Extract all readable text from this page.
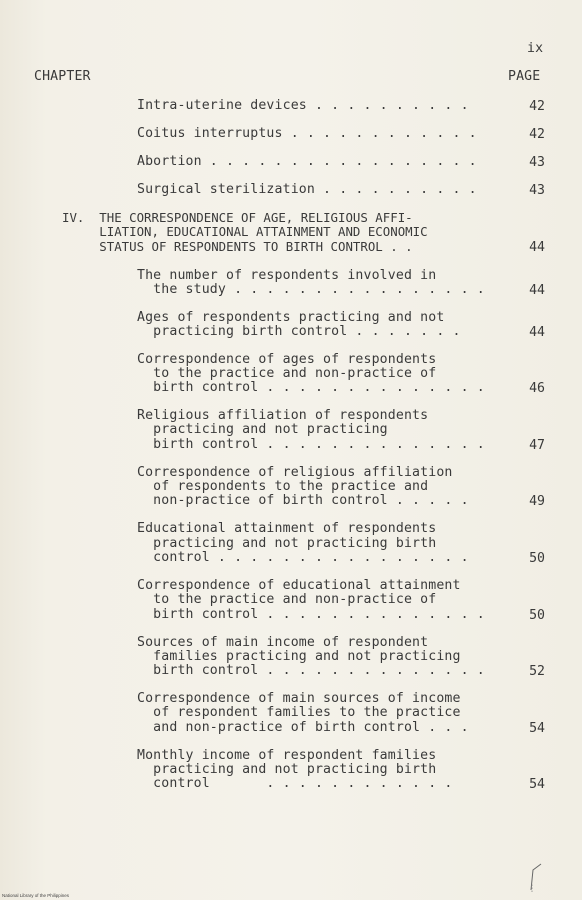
ix
CHAPTER	PAGE
Intra-uterine devices . . . . . . . . . .	42
Coitus interruptus . . . . . . . . . . . .	42
Abortion . . . . . . . . . . . . . . . . .	43
Surgical sterilization . . . . . . . . . .	43
IV.  THE CORRESPONDENCE OF AGE, RELIGIOUS AFFI-
LIATION, EDUCATIONAL ATTAINMENT AND ECONOMIC
STATUS OF RESPONDENTS TO BIRTH CONTROL . .	44
The number of respondents involved in
the study . . . . . . . . . . . . . . . .	44
Ages of respondents practicing and not
practicing birth control . . . . . . .	44
Correspondence of ages of respondents
to the practice and non-practice of
birth control . . . . . . . . . . . . . .	46
Religious affiliation of respondents
practicing and not practicing
birth control . . . . . . . . . . . . . .	47
Correspondence of religious affiliation
of respondents to the practice and
non-practice of birth control . . . . .	49
Educational attainment of respondents
practicing and not practicing birth
control . . . . . . . . . . . . . . . .	50
Correspondence of educational attainment
to the practice and non-practice of
birth control . . . . . . . . . . . . . .	50
Sources of main income of respondent
families practicing and not practicing
birth control . . . . . . . . . . . . . .	52
Correspondence of main sources of income
of respondent families to the practice
and non-practice of birth control . . .	54
Monthly income of respondent families
practicing and not practicing birth
control       . . . . . . . . . . . .	54
National Library of the Philippines
